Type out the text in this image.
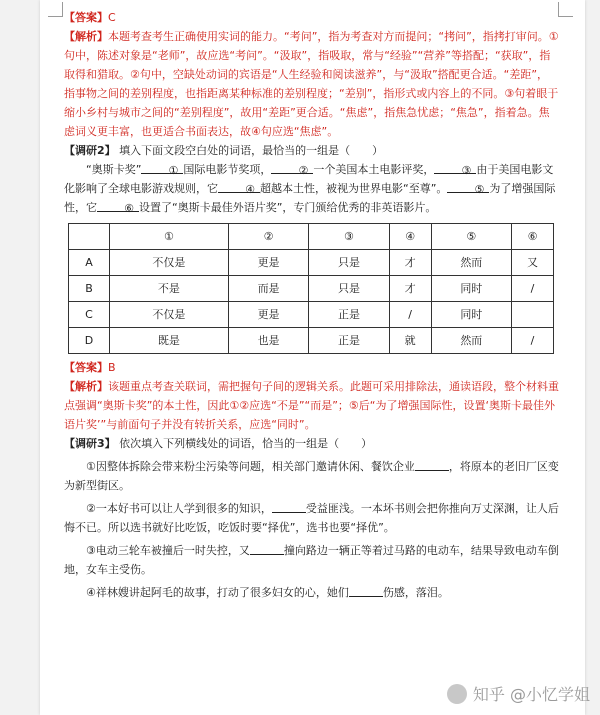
【答案】C

【解析】本题考查考生正确使用实词的能力。“考问”，指为考查对方而提问；“拷问”，指拷打审问。①句中，陈述对象是“老师”，故应选“考问”。“汲取”，指吸取，常与“经验”“营养”等搭配；“获取”，指取得和猎取。②句中，空缺处动词的宾语是“人生经验和阅读滋养”，与“汲取”搭配更合适。“差距”，指事物之间的差别程度，也指距离某种标准的差别程度；“差别”，指形式或内容上的不同。③句着眼于缩小乡村与城市之间的“差别程度”，故用“差距”更合适。“焦虑”，指焦急忧虑；“焦急”，指着急。焦虑词义更丰富，也更适合书面表达，故④句应选“焦虑”。

【调研2】 填入下面文段空白处的词语，最恰当的一组是（　　）

“奥斯卡奖” ① 国际电影节奖项， ② 一个美国本土电影评奖， ③ 由于美国电影文化影响了全球电影游戏规则，它 ④ 超越本土性，被视为世界电影“至尊”。 ⑤ 为了增强国际性，它 ⑥ 设置了“奥斯卡最佳外语片奖”，专门颁给优秀的非英语影片。

	①	②	③	④	⑤	⑥
A	不仅是	更是	只是	才	然而	又
B	不是	而是	只是	才	同时	/
C	不仅是	更是	正是	/	同时	
D	既是	也是	正是	就	然而	/

【答案】B

【解析】该题重点考查关联词，需把握句子间的逻辑关系。此题可采用排除法，通读语段，整个材料重点强调“奥斯卡奖”的本土性，因此①②应选“不是”“而是”；⑤后“为了增强国际性，设置‘奥斯卡最佳外语片奖’”与前面句子并没有转折关系，应选“同时”。

【调研3】 依次填入下列横线处的词语，恰当的一组是（　　）

①因整体拆除会带来粉尘污染等问题，相关部门邀请休闲、餐饮企业	，将原本的老旧厂区变为新型街区。

②一本好书可以让人学到很多的知识，	受益匪浅。一本坏书则会把你推向万丈深渊，让人后悔不已。所以选书就好比吃饭，吃饭时要“择优”，选书也要“择优”。

③电动三轮车被撞后一时失控，又	撞向路边一辆正等着过马路的电动车，结果导致电动车倒地，女车主受伤。

④祥林嫂讲起阿毛的故事，打动了很多妇女的心，她们	伤感，落泪。

知乎 @小忆学姐
